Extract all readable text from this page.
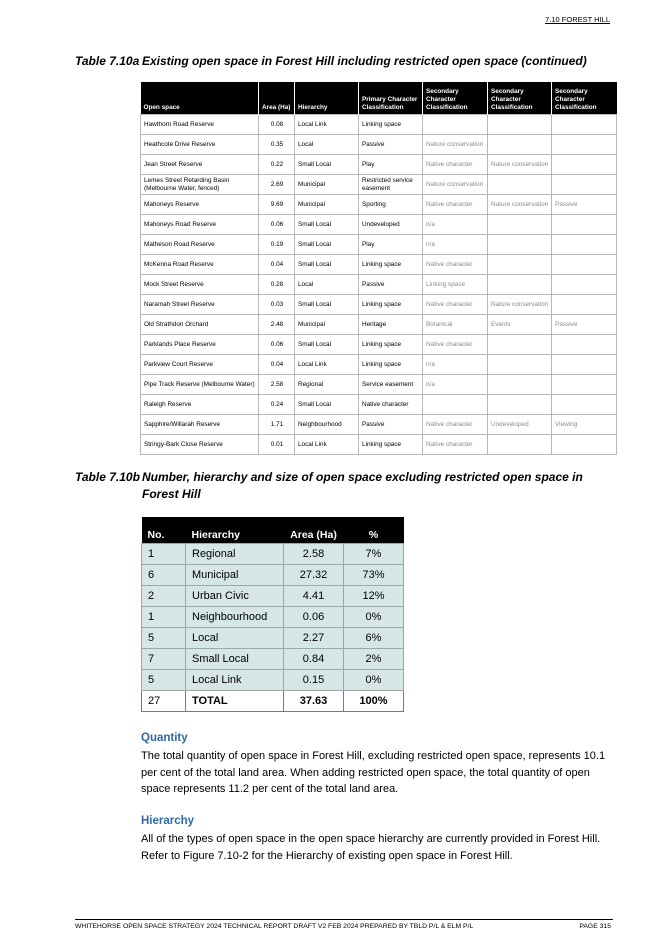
7.10 FOREST HILL
Table 7.10a Existing open space in Forest Hill including restricted open space (continued)
Open space	Area (Ha)	Hierarchy	Primary Character Classification	Secondary Character Classification	Secondary Character Classification	Secondary Character Classification
Hawthorn Road Reserve	0.08	Local Link	Linking space			
Heathcote Drive Reserve	0.35	Local	Passive	Nature conservation		
Jean Street Reserve	0.22	Small Local	Play	Native character	Nature conservation	
Lemes Street Retarding Basin (Melbourne Water, fenced)	2.69	Municipal	Restricted service easement	Nature conservation		
Mahoneys Reserve	9.69	Municipal	Sporting	Native character	Nature conservation	Passive
Mahoneys Road Reserve	0.06	Small Local	Undeveloped	n/a		
Matheson Road Reserve	0.19	Small Local	Play	n/a		
McKenna Road Reserve	0.04	Small Local	Linking space	Native character		
Mock Street Reserve	0.28	Local	Passive	Linking space		
Naramah Street Reserve	0.03	Small Local	Linking space	Native character	Nature conservation	
Old Strathdon Orchard	2.48	Municipal	Heritage	Botanical	Events	Passive
Parklands Place Reserve	0.06	Small Local	Linking space	Native character		
Parkview Court Reserve	0.04	Local Link	Linking space	n/a		
Pipe Track Reserve (Melbourne Water)	2.58	Regional	Service easement	n/a		
Raleigh Reserve	0.24	Small Local	Native character			
Sapphire/Willarah Reserve	1.71	Neighbourhood	Passive	Native character	Undeveloped	Viewing
Stringy-Bark Close Reserve	0.01	Local Link	Linking space	Native character		
Table 7.10b Number, hierarchy and size of open space excluding restricted open space in
Forest Hill
No.	Hierarchy	Area (Ha)	%
1	Regional	2.58	7%
6	Municipal	27.32	73%
2	Urban Civic	4.41	12%
1	Neighbourhood	0.06	0%
5	Local	2.27	6%
7	Small Local	0.84	2%
5	Local Link	0.15	0%
27	TOTAL	37.63	100%
Quantity

The total quantity of open space in Forest Hill, excluding restricted open space, represents 10.1 per cent of the total land area. When adding restricted open space, the total quantity of open space represents 11.2 per cent of the total land area.

Hierarchy

All of the types of open space in the open space hierarchy are currently provided in Forest Hill. Refer to Figure 7.10-2 for the Hierarchy of existing open space in Forest Hill.

WHITEHORSE OPEN SPACE STRATEGY 2024 TECHNICAL REPORT DRAFT V2 FEB 2024 PREPARED BY TBLD P/L & ELM P/L	PAGE 315
